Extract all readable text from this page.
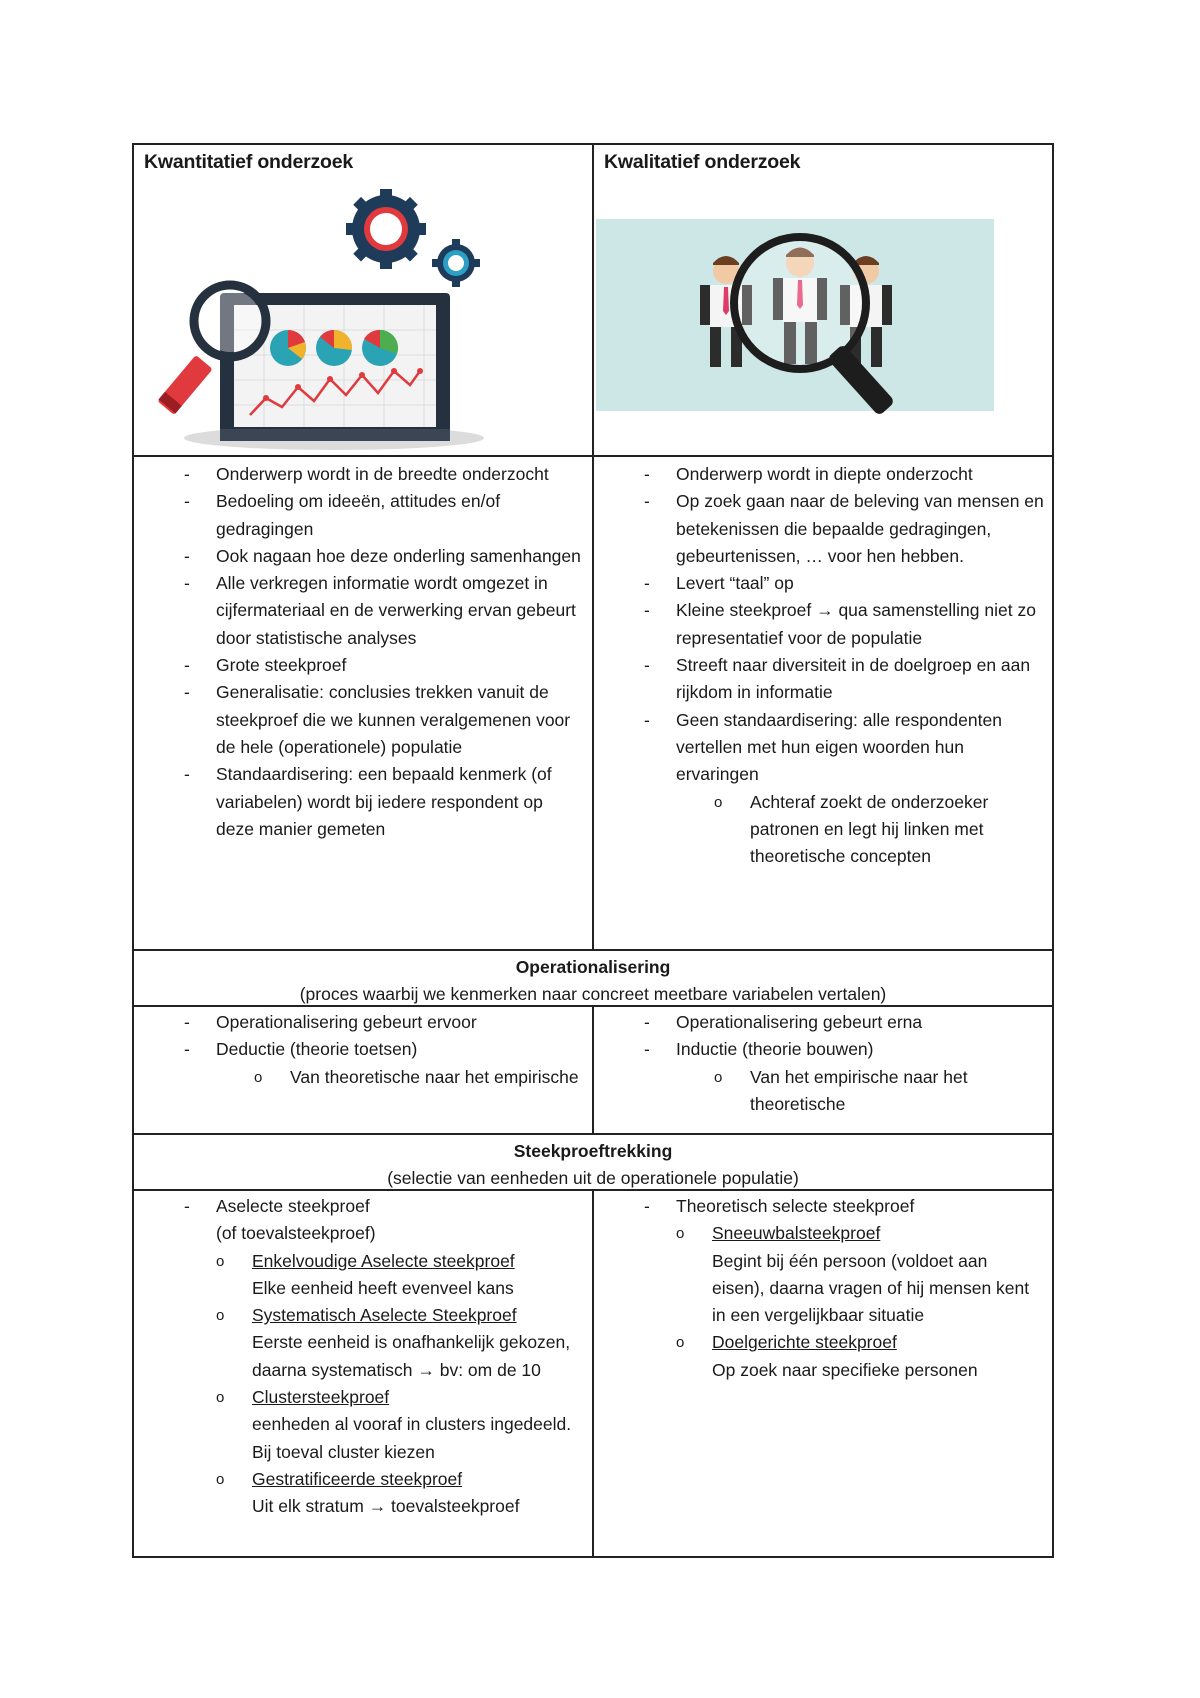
Kwantitatief onderzoek	Kwalitatief onderzoek
- Onderwerp wordt in de breedte onderzocht
- Bedoeling om ideeën, attitudes en/of gedragingen
- Ook nagaan hoe deze onderling samenhangen
- Alle verkregen informatie wordt omgezet in cijfermateriaal en de verwerking ervan gebeurt door statistische analyses
- Grote steekproef
- Generalisatie: conclusies trekken vanuit de steekproef die we kunnen veralgemenen voor de hele (operationele) populatie
- Standaardisering: een bepaald kenmerk (of variabelen) wordt bij iedere respondent op deze manier gemeten
- Onderwerp wordt in diepte onderzocht
- Op zoek gaan naar de beleving van mensen en betekenissen die bepaalde gedragingen, gebeurtenissen, … voor hen hebben.
- Levert “taal” op
- Kleine steekproef → qua samenstelling niet zo representatief voor de populatie
- Streeft naar diversiteit in de doelgroep en aan rijkdom in informatie
- Geen standaardisering: alle respondenten vertellen met hun eigen woorden hun ervaringen
o Achteraf zoekt de onderzoeker patronen en legt hij linken met theoretische concepten
Operationalisering
(proces waarbij we kenmerken naar concreet meetbare variabelen vertalen)
- Operationalisering gebeurt ervoor
- Deductie (theorie toetsen)
o Van theoretische naar het empirische
- Operationalisering gebeurt erna
- Inductie (theorie bouwen)
o Van het empirische naar het theoretische
Steekproeftrekking
(selectie van eenheden uit de operationele populatie)
- Aselecte steekproef
(of toevalsteekproef)
o Enkelvoudige Aselecte steekproef
Elke eenheid heeft evenveel kans
o Systematisch Aselecte Steekproef
Eerste eenheid is onafhankelijk gekozen, daarna systematisch → bv: om de 10
o Clustersteekproef
eenheden al vooraf in clusters ingedeeld. Bij toeval cluster kiezen
o Gestratificeerde steekproef
Uit elk stratum → toevalsteekproef
- Theoretisch selecte steekproef
o Sneeuwbalsteekproef
Begint bij één persoon (voldoet aan eisen), daarna vragen of hij mensen kent in een vergelijkbaar situatie
o Doelgerichte steekproef
Op zoek naar specifieke personen
